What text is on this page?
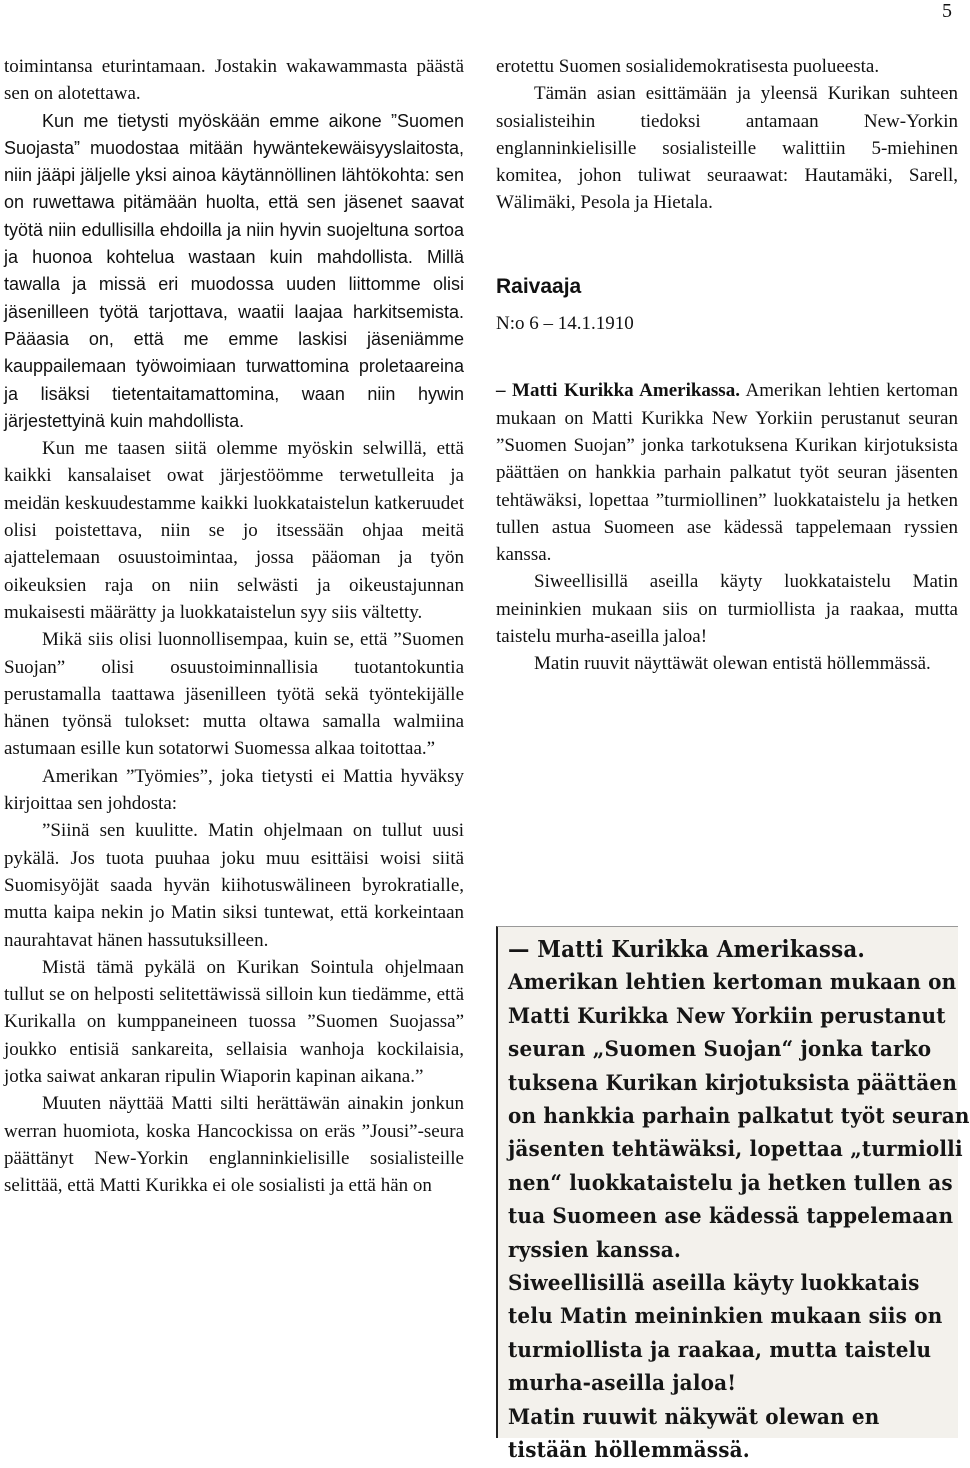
5

toimintansa eturintamaan. Jostakin wakawammasta päästä sen on alotettawa.

Kun me tietysti myöskään emme aikone ”Suomen Suojasta” muodostaa mitään hywäntekewäisyyslaitosta, niin jääpi jäljelle yksi ainoa käytännöllinen lähtökohta: sen on ruwettawa pitämään huolta, että sen jäsenet saavat työtä niin edullisilla ehdoilla ja niin hyvin suojeltuna sortoa ja huonoa kohtelua wastaan kuin mahdollista. Millä tawalla ja missä eri muodossa uuden liittomme olisi jäsenilleen työtä tarjottava, waatii laajaa harkitsemista. Pääasia on, että me emme laskisi jäseniämme kauppailemaan työwoimiaan turwattomina proletaareina ja lisäksi tietentaitamattomina, waan niin hywin järjestettyinä kuin mahdollista.

Kun me taasen siitä olemme myöskin selwillä, että kaikki kansalaiset owat järjestöömme terwetulleita ja meidän keskuudestamme kaikki luokkataistelun katkeruudet olisi poistettava, niin se jo itsessään ohjaa meitä ajattelemaan osuustoimintaa, jossa pääoman ja työn oikeuksien raja on niin selwästi ja oikeustajunnan mukaisesti määrätty ja luokkataistelun syy siis vältetty.

Mikä siis olisi luonnollisempaa, kuin se, että ”Suomen Suojan” olisi osuustoiminnallisia tuotantokuntia perustamalla taattawa jäsenilleen työtä sekä työntekijälle hänen työnsä tulokset: mutta oltawa samalla walmiina astumaan esille kun sotatorwi Suomessa alkaa toitottaa.”

Amerikan ”Työmies”, joka tietysti ei Mattia hyväksy kirjoittaa sen johdosta:

”Siinä sen kuulitte. Matin ohjelmaan on tullut uusi pykälä. Jos tuota puuhaa joku muu esittäisi woisi siitä Suomisyöjät saada hyvän kiihotuswälineen byrokratialle, mutta kaipa nekin jo Matin siksi tuntewat, että korkeintaan naurahtavat hänen hassutuksilleen.

Mistä tämä pykälä on Kurikan Sointula ohjelmaan tullut se on helposti selitettäwissä silloin kun tiedämme, että Kurikalla on kumppaneineen tuossa ”Suomen Suojassa” joukko entisiä sankareita, sellaisia wanhoja kockilaisia, jotka saiwat ankaran ripulin Wiaporin kapinan aikana.”

Muuten näyttää Matti silti herättäwän ainakin jonkun werran huomiota, koska Hancockissa on eräs ”Jousi”-seura päättänyt New-Yorkin englanninkielisille sosialisteille selittää, että Matti Kurikka ei ole sosialisti ja että hän on

erotettu Suomen sosialidemokratisesta puolueesta.

Tämän asian esittämään ja yleensä Kurikan suhteen sosialisteihin tiedoksi antamaan New-Yorkin englanninkielisille sosialisteille walittiin 5-miehinen komitea, johon tuliwat seuraawat: Hautamäki, Sarell, Wälimäki, Pesola ja Hietala.

Raivaaja
N:o 6 – 14.1.1910

– Matti Kurikka Amerikassa. Amerikan lehtien kertoman mukaan on Matti Kurikka New Yorkiin perustanut seuran ”Suomen Suojan” jonka tarkotuksena Kurikan kirjotuksista päättäen on hankkia parhain palkatut työt seuran jäsenten tehtäwäksi, lopettaa ”turmiollinen” luokkataistelu ja hetken tullen astua Suomeen ase kädessä tappelemaan ryssien kanssa.

Siweellisillä aseilla käyty luokkataistelu Matin meininkien mukaan siis on turmiollista ja raakaa, mutta taistelu murha-aseilla jaloa!

Matin ruuvit näyttäwät olewan entistä höllemmässä.

— Matti Kurikka Amerikassa.
Amerikan lehtien kertoman mukaan on
Matti Kurikka New Yorkiin perustanut
seuran „Suomen Suojan“ jonka tarko
tuksena Kurikan kirjotuksista päättäen
on hankkia parhain palkatut työt seuran
jäsenten tehtäwäksi, lopettaa „turmiolli
nen“ luokkataistelu ja hetken tullen as
tua Suomeen ase kädessä tappelemaan
ryssien kanssa.
Siweellisillä aseilla käyty luokkatais
telu Matin meininkien mukaan siis on
turmiollista ja raakaa, mutta taistelu
murha-aseilla jaloa!
Matin ruuwit näkywät olewan en
tistään höllemmässä.
